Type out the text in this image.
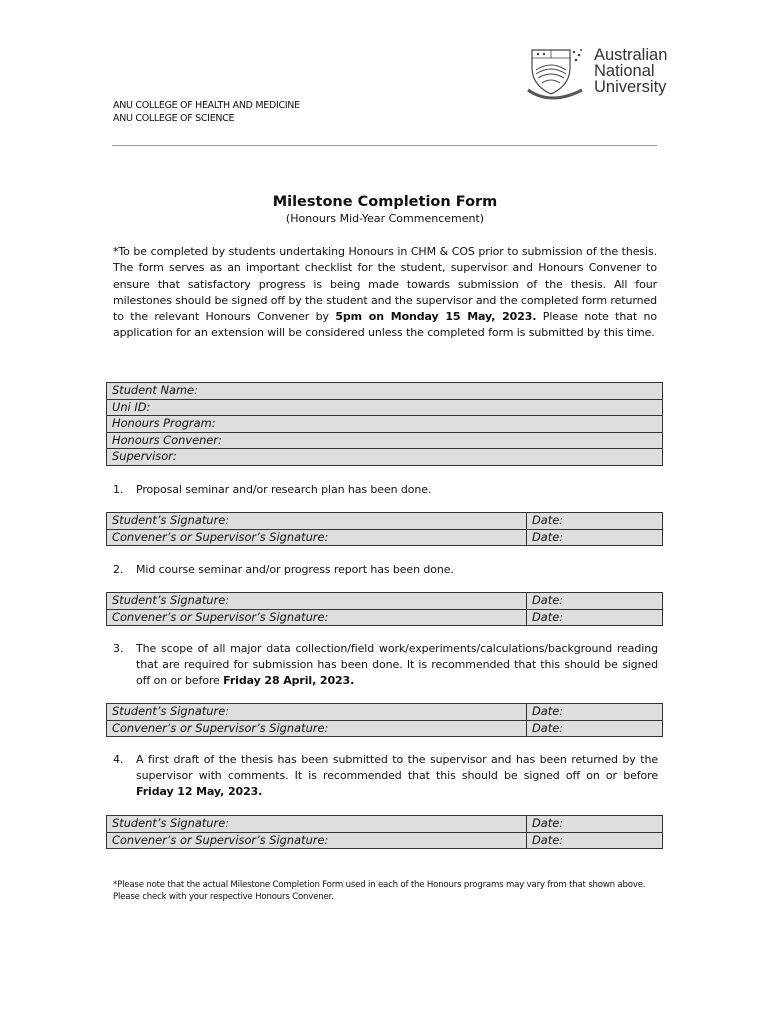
Australian
National
University
ANU COLLEGE OF HEALTH AND MEDICINE
ANU COLLEGE OF SCIENCE
Milestone Completion Form
(Honours Mid-Year Commencement)
*To be completed by students undertaking Honours in CHM & COS prior to submission of the thesis. The form serves as an important checklist for the student, supervisor and Honours Convener to ensure that satisfactory progress is being made towards submission of the thesis. All four milestones should be signed off by the student and the supervisor and the completed form returned to the relevant Honours Convener by 5pm on Monday 15 May, 2023. Please note that no application for an extension will be considered unless the completed form is submitted by this time.
Student Name:
Uni ID:
Honours Program:
Honours Convener:
Supervisor:
1. Proposal seminar and/or research plan has been done.
Student’s Signature:	Date:
Convener’s or Supervisor’s Signature:	Date:
2. Mid course seminar and/or progress report has been done.
Student’s Signature:	Date:
Convener’s or Supervisor’s Signature:	Date:
3. The scope of all major data collection/field work/experiments/calculations/background reading that are required for submission has been done. It is recommended that this should be signed off on or before Friday 28 April, 2023.
Student’s Signature:	Date:
Convener’s or Supervisor’s Signature:	Date:
4. A first draft of the thesis has been submitted to the supervisor and has been returned by the supervisor with comments. It is recommended that this should be signed off on or before Friday 12 May, 2023.
Student’s Signature:	Date:
Convener’s or Supervisor’s Signature:	Date:
*Please note that the actual Milestone Completion Form used in each of the Honours programs may vary from that shown above. Please check with your respective Honours Convener.
